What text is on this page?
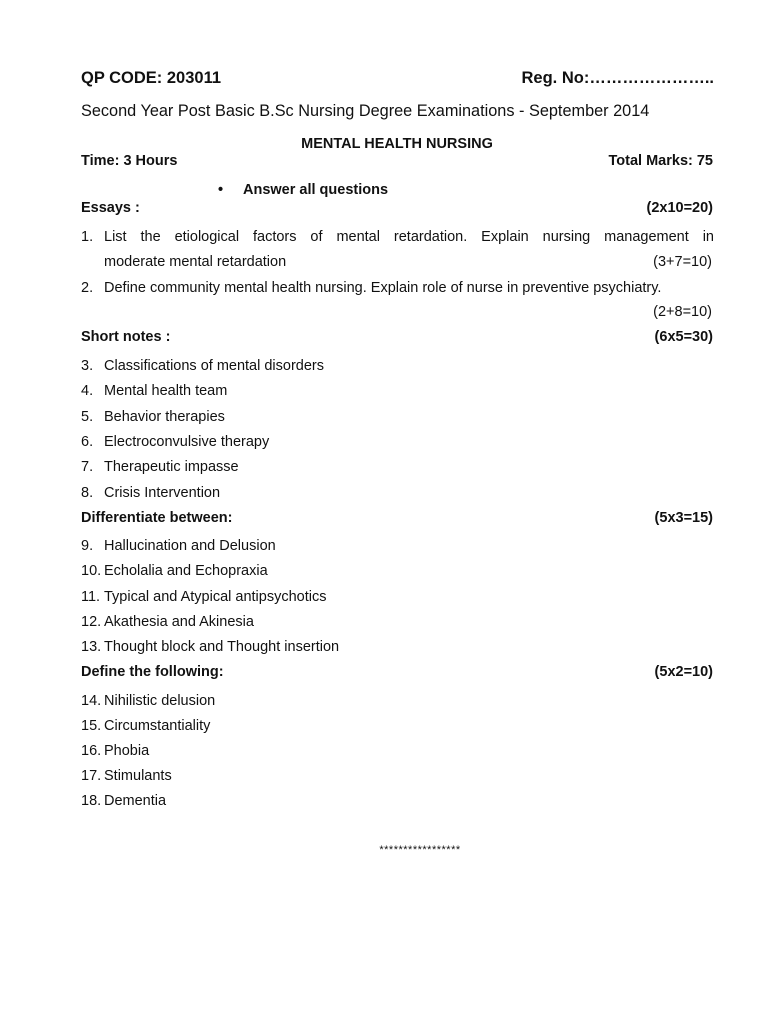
QP CODE: 203011	Reg. No:…………………..
Second Year Post Basic B.Sc Nursing Degree Examinations - September 2014
MENTAL HEALTH NURSING
Time: 3 Hours	Total Marks: 75
• Answer all questions
Essays :	(2x10=20)
1. List the etiological factors of mental retardation. Explain nursing management in
moderate mental retardation	(3+7=10)
2. Define community mental health nursing. Explain role of nurse in preventive psychiatry.
(2+8=10)
Short notes :	(6x5=30)
3. Classifications of mental disorders
4. Mental health team
5. Behavior therapies
6. Electroconvulsive therapy
7. Therapeutic impasse
8. Crisis Intervention
Differentiate between:	(5x3=15)
9. Hallucination and Delusion
10. Echolalia and Echopraxia
11. Typical and Atypical antipsychotics
12. Akathesia and Akinesia
13. Thought block and Thought insertion
Define the following:	(5x2=10)
14. Nihilistic delusion
15. Circumstantiality
16. Phobia
17. Stimulants
18. Dementia
*****************
